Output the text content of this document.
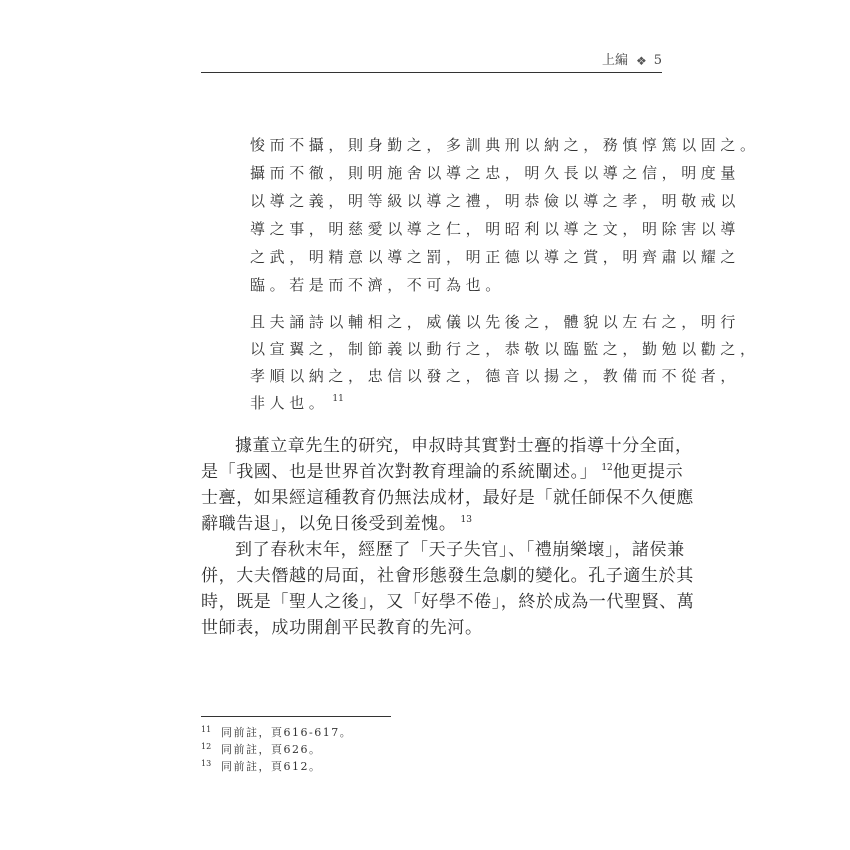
上編 ❖ 5
悛而不攝，則身勤之，多訓典刑以納之，務慎惇篤以固之。
攝而不徹，則明施舍以導之忠，明久長以導之信，明度量
以導之義，明等級以導之禮，明恭儉以導之孝，明敬戒以
導之事，明慈愛以導之仁，明昭利以導之文，明除害以導
之武，明精意以導之罰，明正德以導之賞，明齊肅以耀之
臨。若是而不濟，不可為也。
且夫誦詩以輔相之，威儀以先後之，體貌以左右之，明行
以宣翼之，制節義以動行之，恭敬以臨監之，勤勉以勸之，
孝順以納之，忠信以發之，德音以揚之，教備而不從者，
非人也。 $^{11}$
據董立章先生的研究，申叔時其實對士亹的指導十分全面，
是「我國、也是世界首次對教育理論的系統闡述。」 $^{12}$他更提示
士亹，如果經這種教育仍無法成材，最好是「就任師保不久便應
辭職告退」，以免日後受到羞愧。 $^{13}$
到了春秋末年，經歷了「天子失官」、「禮崩樂壞」，諸侯兼
併，大夫僭越的局面，社會形態發生急劇的變化。孔子適生於其
時，既是「聖人之後」，又「好學不倦」，終於成為一代聖賢、萬
世師表，成功開創平民教育的先河。
11 同前註，頁616-617。
12 同前註，頁626。
13 同前註，頁612。
